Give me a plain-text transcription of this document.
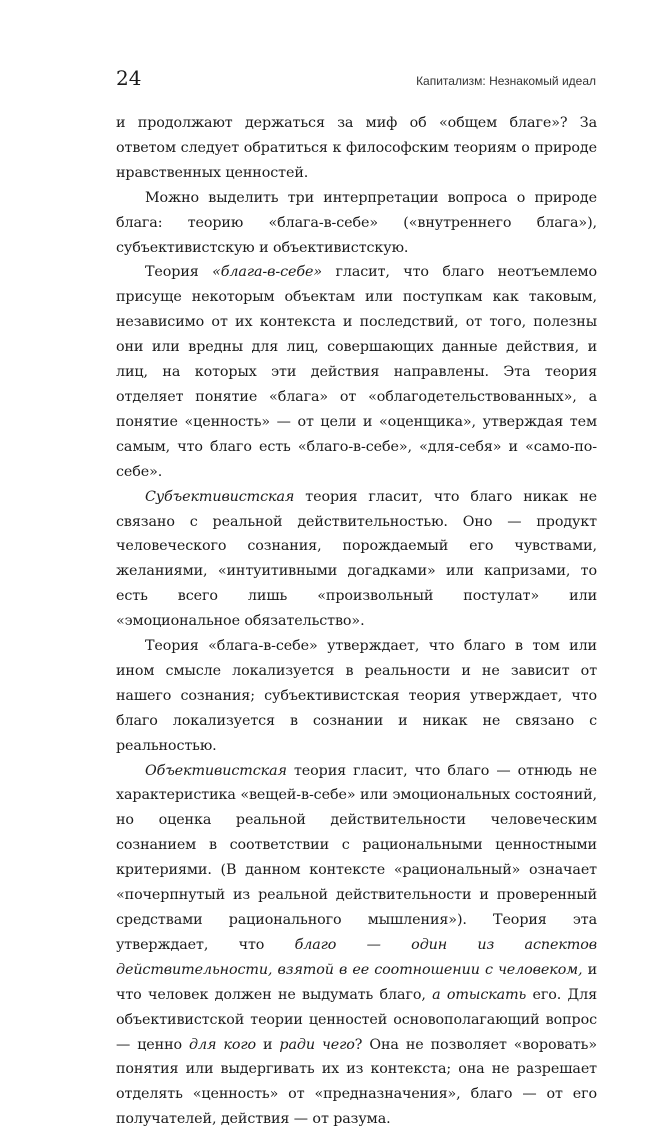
24	Капитализм: Незнакомый идеал

и продолжают держаться за миф об «общем благе»? За ответом следует обратиться к философским теориям о природе нравственных ценностей.

Можно выделить три интерпретации вопроса о природе блага: теорию «блага-в-себе» («внутреннего блага»), субъективистскую и объективистскую.

Теория «блага-в-себе» гласит, что благо неотъемлемо присуще некоторым объектам или поступкам как таковым, независимо от их контекста и последствий, от того, полезны они или вредны для лиц, совершающих данные действия, и лиц, на которых эти действия направлены. Эта теория отделяет понятие «блага» от «облагодетельствованных», а понятие «ценность» — от цели и «оценщика», утверждая тем самым, что благо есть «благо-в-себе», «для-себя» и «само-по-себе».

Субъективистская теория гласит, что благо никак не связано с реальной действительностью. Оно — продукт человеческого сознания, порождаемый его чувствами, желаниями, «интуитивными догадками» или капризами, то есть всего лишь «произвольный постулат» или «эмоциональное обязательство».

Теория «блага-в-себе» утверждает, что благо в том или ином смысле локализуется в реальности и не зависит от нашего сознания; субъективистская теория утверждает, что благо локализуется в сознании и никак не связано с реальностью.

Объективистская теория гласит, что благо — отнюдь не характеристика «вещей-в-себе» или эмоциональных состояний, но оценка реальной действительности человеческим сознанием в соответствии с рациональными ценностными критериями. (В данном контексте «рациональный» означает «почерпнутый из реальной действительности и проверенный средствами рационального мышления»). Теория эта утверждает, что благо — один из аспектов действительности, взятой в ее соотношении с человеком, и что человек должен не выдумать благо, а отыскать его. Для объективистской теории ценностей основополагающий вопрос — ценно для кого и ради чего? Она не позволяет «воровать» понятия или выдергивать их из контекста; она не разрешает отделять «ценность» от «предназначения», благо — от его получателей, действия — от разума.
